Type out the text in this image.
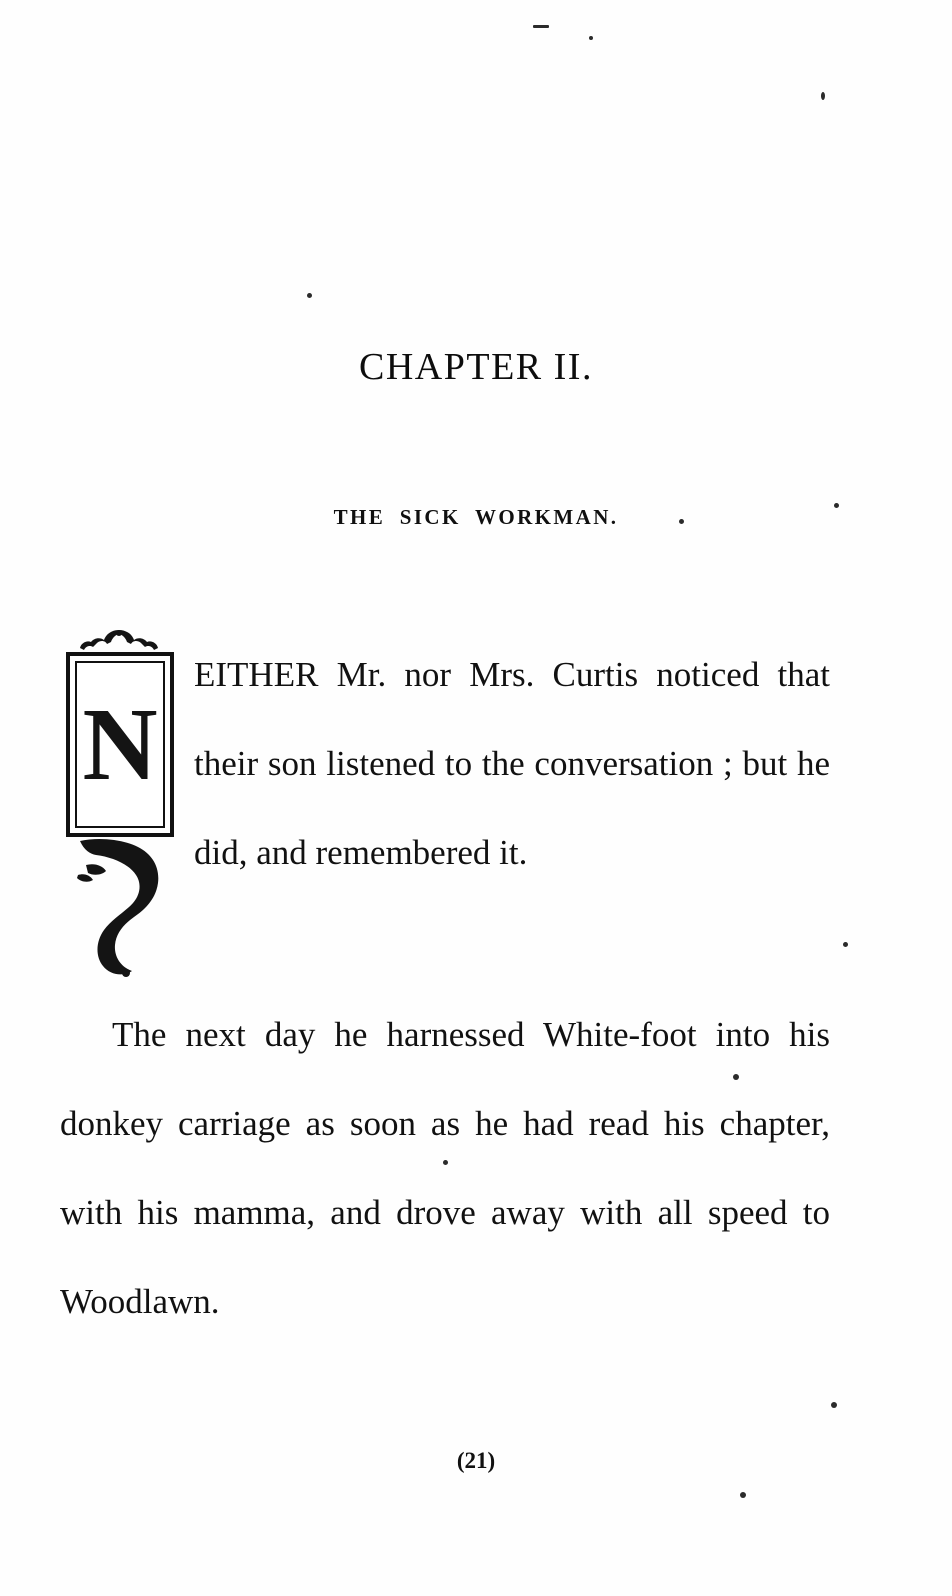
CHAPTER II.
THE SICK WORKMAN.
N

EITHER Mr. nor Mrs. Curtis noticed that their son listened to the conversation ; but he did, and remembered it.

The next day he harnessed White-foot into his donkey carriage as soon as he had read his chapter, with his mamma, and drove away with all speed to Woodlawn.

(21)
